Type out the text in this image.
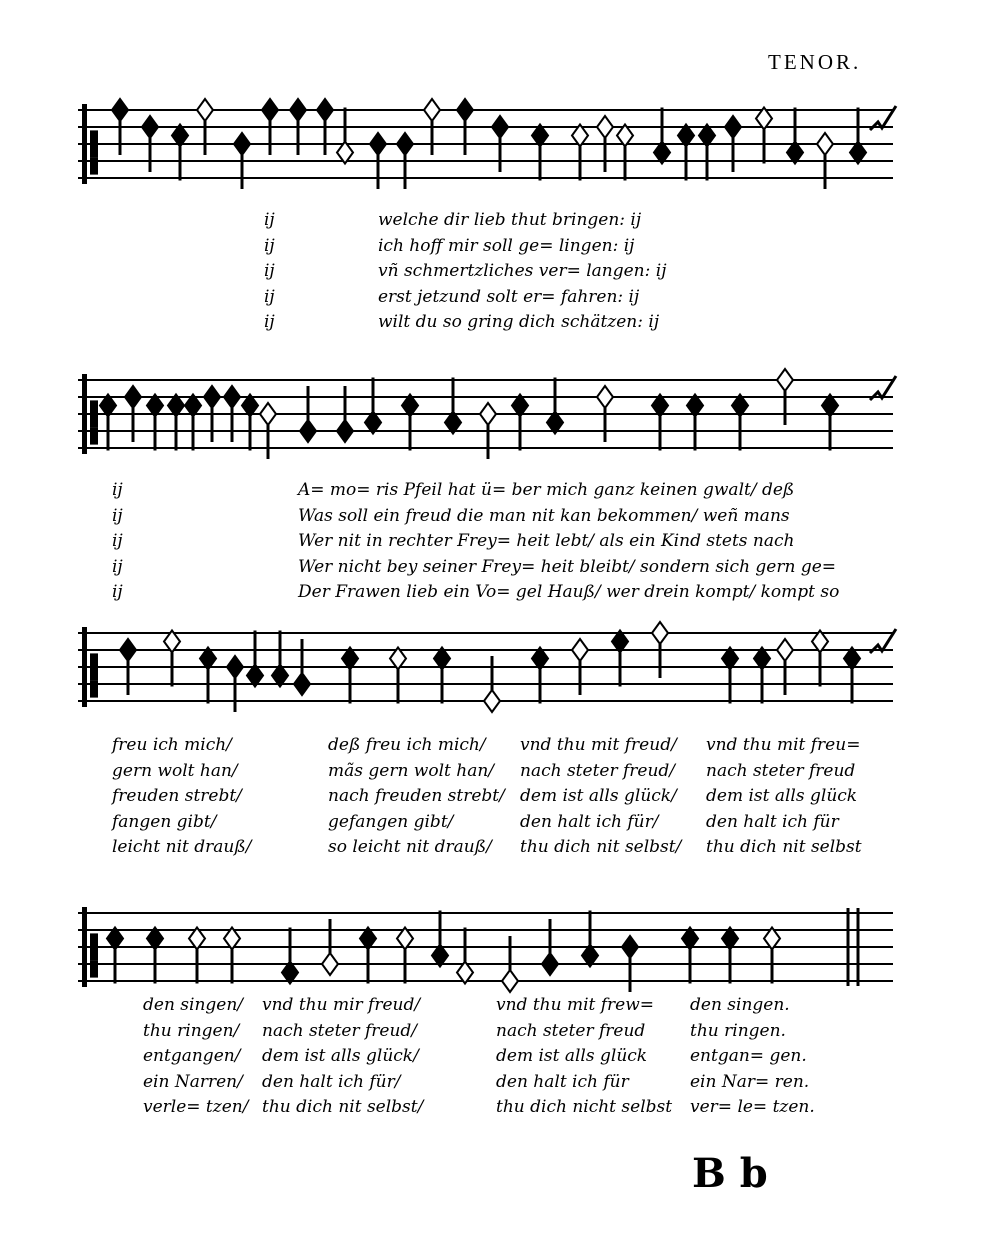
TENOR.
ij
ij
ij
ij
ij
welche dir lieb thut bringen: ij
ich hoff mir soll ge= lingen: ij
vñ schmertzliches ver= langen: ij
erst jetzund solt er= fahren: ij
wilt du so gring dich schätzen: ij
ij
ij
ij
ij
ij
A= mo= ris Pfeil hat ü= ber mich ganz keinen gwalt/ deß
Was soll ein freud die man nit kan bekommen/ weñ mans
Wer nit in rechter Frey= heit lebt/ als ein Kind stets nach
Wer nicht bey seiner Frey= heit bleibt/ sondern sich gern ge=
Der Frawen lieb ein Vo= gel Hauß/ wer drein kompt/ kompt so
freu ich mich/
gern wolt han/
freuden strebt/
fangen gibt/
leicht nit drauß/
deß freu ich mich/
mãs gern wolt han/
nach freuden strebt/
gefangen gibt/
so leicht nit drauß/
vnd thu mit freud/
nach steter freud/
dem ist alls glück/
den halt ich für/
thu dich nit selbst/
vnd thu mit freu=
nach steter freud
dem ist alls glück
den halt ich für
thu dich nit selbst
den singen/
thu ringen/
entgangen/
ein Narren/
verle= tzen/
vnd thu mir freud/
nach steter freud/
dem ist alls glück/
den halt ich für/
thu dich nit selbst/
vnd thu mit frew=
nach steter freud
dem ist alls glück
den halt ich für
thu dich nicht selbst
den singen.
thu ringen.
entgan= gen.
ein Nar= ren.
ver= le= tzen.
B b
